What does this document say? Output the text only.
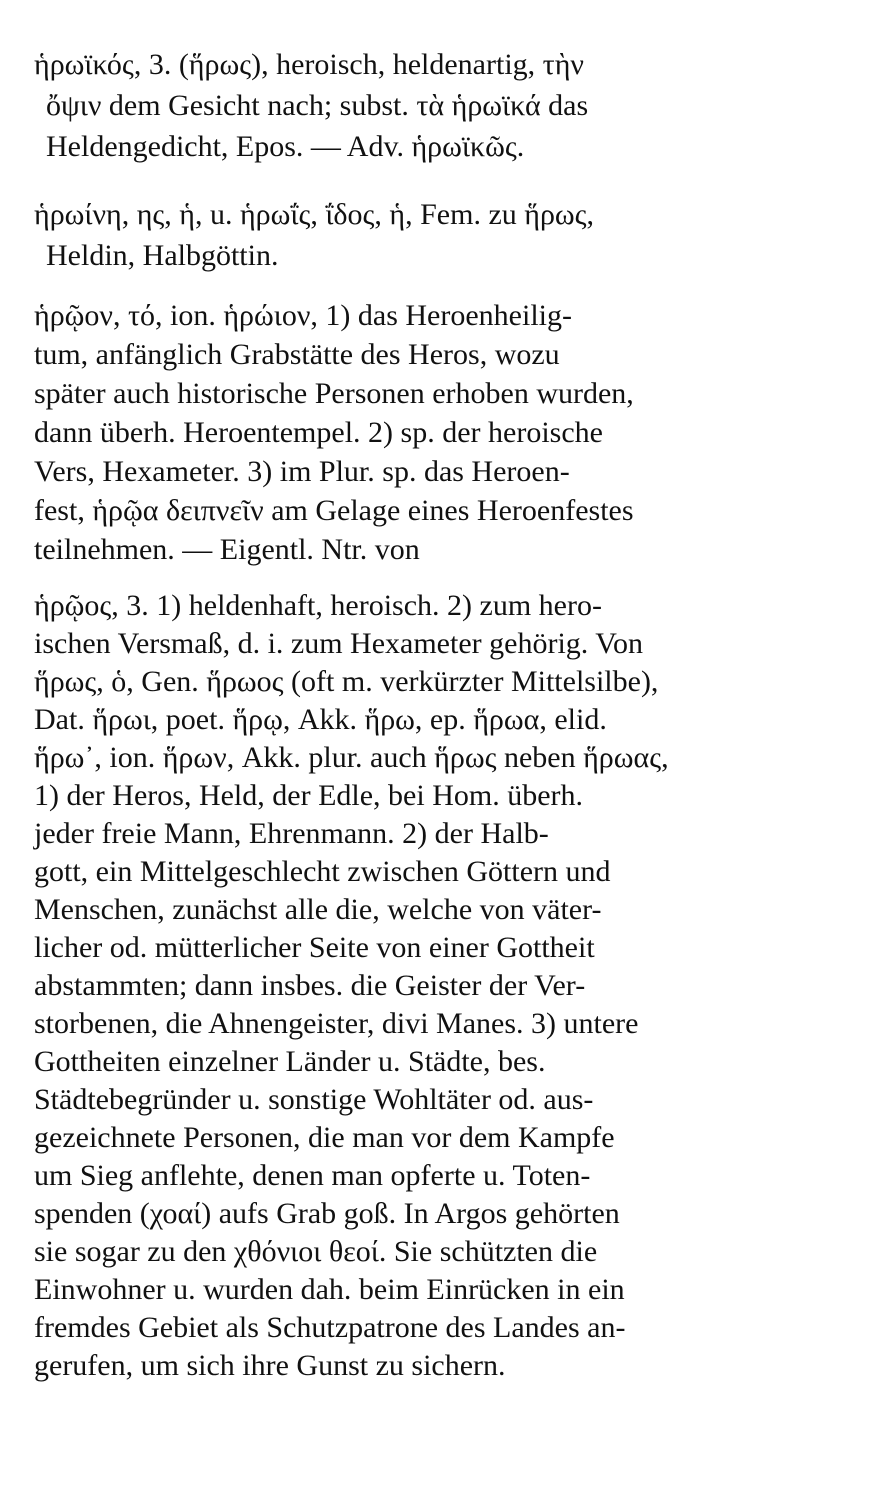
ἡρωϊκός, 3. (ἥρως), heroisch, heldenartig, τὴν
ὄψιν dem Gesicht nach; subst. τὰ ἡρωϊκά das
Heldengedicht, Epos. — Adv. ἡρωϊκῶς.
ἡρωίνη, ης, ἡ, u. ἡρωΐς, ΐδος, ἡ, Fem. zu ἥρως,
Heldin, Halbgöttin.
ἡρῷον, τό, ion. ἡρώιον, 1) das Heroenheilig-
tum, anfänglich Grabstätte des Heros, wozu
später auch historische Personen erhoben wurden,
dann überh. Heroentempel. 2) sp. der heroische
Vers, Hexameter. 3) im Plur. sp. das Heroen-
fest, ἡρῷα δειπνεῖν am Gelage eines Heroenfestes
teilnehmen. — Eigentl. Ntr. von
ἡρῷος, 3. 1) heldenhaft, heroisch. 2) zum hero-
ischen Versmaß, d. i. zum Hexameter gehörig. Von
ἥρως, ὁ, Gen. ἥρωος (oft m. verkürzter Mittelsilbe),
Dat. ἥρωι, poet. ἥρῳ, Akk. ἥρω, ep. ἥρωα, elid.
ἥρω᾽, ion. ἥρων, Akk. plur. auch ἥρως neben ἥρωας,
1) der Heros, Held, der Edle, bei Hom. überh.
jeder freie Mann, Ehrenmann. 2) der Halb-
gott, ein Mittelgeschlecht zwischen Göttern und
Menschen, zunächst alle die, welche von väter-
licher od. mütterlicher Seite von einer Gottheit
abstammten; dann insbes. die Geister der Ver-
storbenen, die Ahnengeister, divi Manes. 3) untere
Gottheiten einzelner Länder u. Städte, bes.
Städtebegründer u. sonstige Wohltäter od. aus-
gezeichnete Personen, die man vor dem Kampfe
um Sieg anflehte, denen man opferte u. Toten-
spenden (χοαί) aufs Grab goß. In Argos gehörten
sie sogar zu den χθόνιοι θεοί. Sie schützten die
Einwohner u. wurden dah. beim Einrücken in ein
fremdes Gebiet als Schutzpatrone des Landes an-
gerufen, um sich ihre Gunst zu sichern.
